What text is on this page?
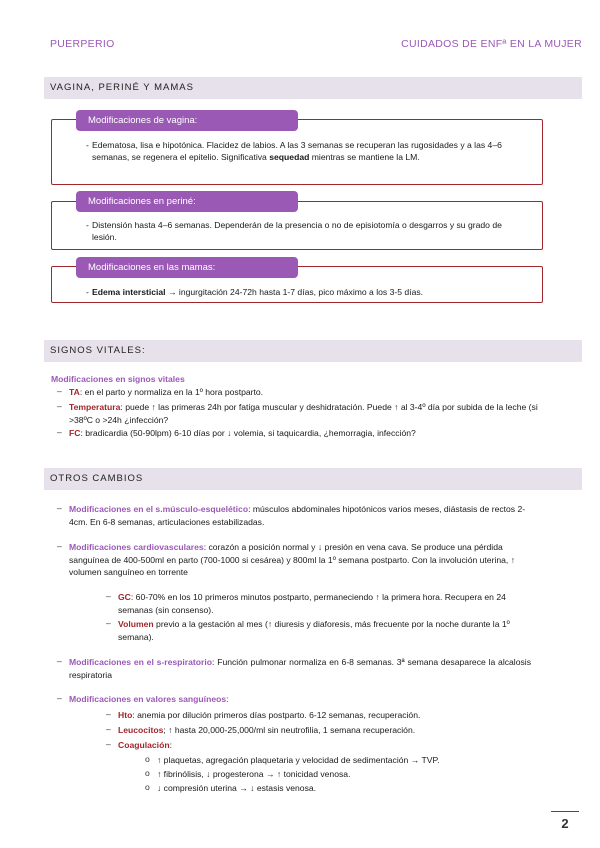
PUERPERIO	CUIDADOS DE ENFª EN LA MUJER
VAGINA, PERINÉ Y MAMAS
Modificaciones de vagina:
- Edematosa, lisa e hipotónica. Flacidez de labios. A las 3 semanas se recuperan las rugosidades y a las 4–6 semanas, se regenera el epitelio. Significativa sequedad mientras se mantiene la LM.
Modificaciones en periné:
- Distensión hasta 4–6 semanas. Dependerán de la presencia o no de episiotomía o desgarros y su grado de lesión.
Modificaciones en las mamas:
- Edema intersticial → ingurgitación 24-72h hasta 1-7 días, pico máximo a los 3-5 días.
SIGNOS VITALES:
Modificaciones en signos vitales
– TA: en el parto y normaliza en la 1º hora postparto.
– Temperatura: puede ↑ las primeras 24h por fatiga muscular y deshidratación. Puede ↑ al 3-4º día por subida de la leche (si >38ºC o >24h ¿infección?
– FC: bradicardia (50-90lpm) 6-10 días por ↓ volemia, si taquicardia, ¿hemorragia, infección?
OTROS CAMBIOS
– Modificaciones en el s.músculo-esquelético: músculos abdominales hipotónicos varios meses, diástasis de rectos 2-4cm. En 6-8 semanas, articulaciones estabilizadas.
– Modificaciones cardiovasculares: corazón a posición normal y ↓ presión en vena cava. Se produce una pérdida sanguínea de 400-500ml en parto (700-1000 si cesárea) y 800ml la 1º semana postparto. Con la involución uterina, ↑ volumen sanguíneo en torrente
– GC: 60-70% en los 10 primeros minutos postparto, permaneciendo ↑ la primera hora. Recupera en 24 semanas (sin consenso).
– Volumen previo a la gestación al mes (↑ diuresis y diaforesis, más frecuente por la noche durante la 1º semana).
– Modificaciones en el s-respiratorio: Función pulmonar normaliza en 6-8 semanas. 3ª semana desaparece la alcalosis respiratoria
– Modificaciones en valores sanguíneos:
– Hto: anemia por dilución primeros días postparto. 6-12 semanas, recuperación.
– Leucocitos; ↑ hasta 20,000-25,000/ml sin neutrofilia, 1 semana recuperación.
– Coagulación:
o ↑ plaquetas, agregación plaquetaria y velocidad de sedimentación → TVP.
o ↑ fibrinólisis, ↓ progesterona → ↑ tonicidad venosa.
o ↓ compresión uterina → ↓ estasis venosa.
2
